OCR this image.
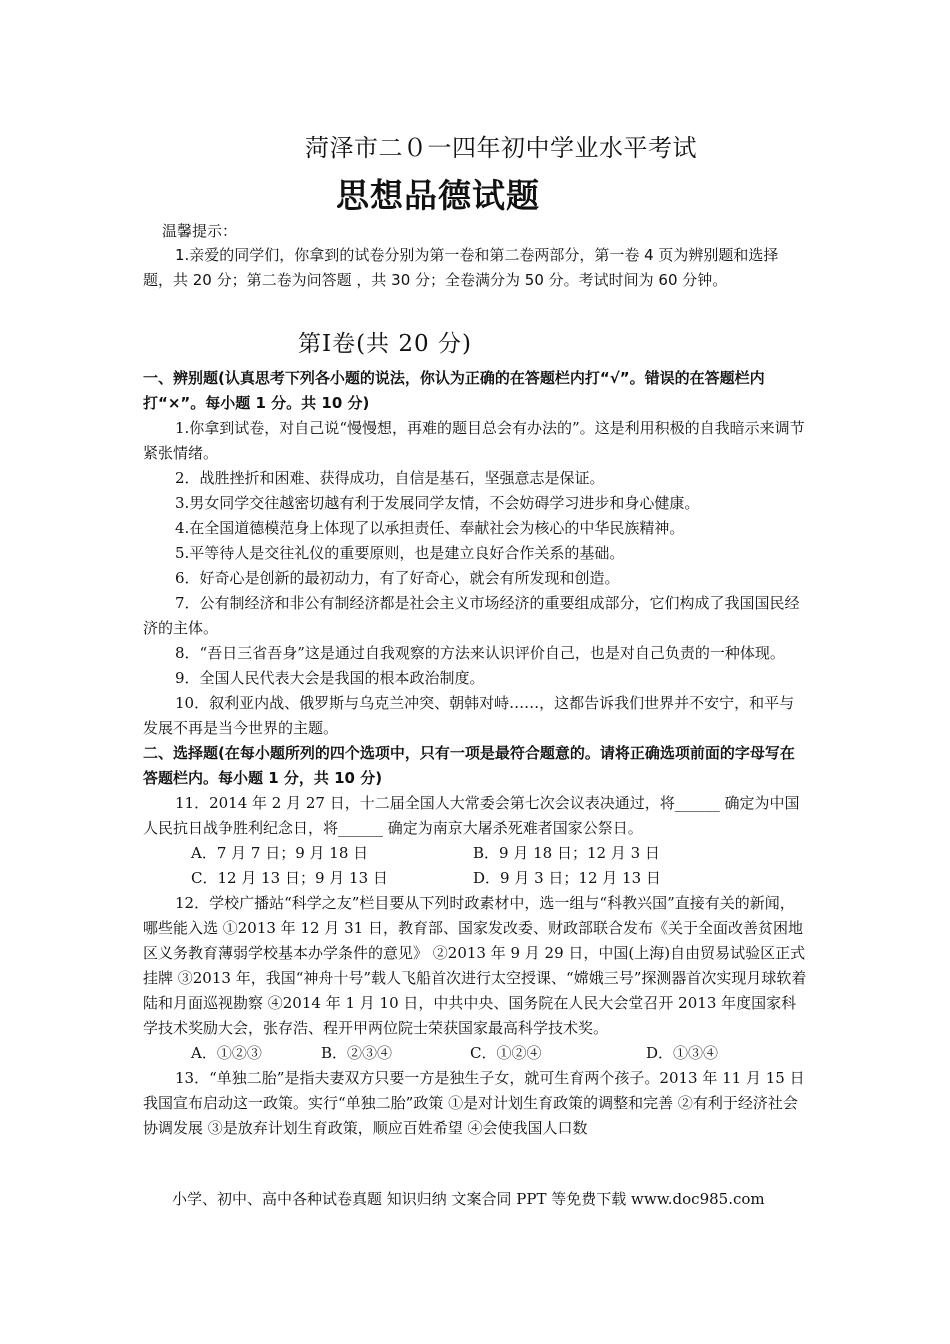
菏泽市二０一四年初中学业水平考试
思想品德试题
温馨提示：
1.亲爱的同学们，你拿到的试卷分别为第一卷和第二卷两部分，第一卷 4 页为辨别题和选择题，共 20 分；第二卷为问答题 ，共 30 分；全卷满分为 50 分。考试时间为 60 分钟。
第Ⅰ卷(共 20 分)

一、辨别题(认真思考下列各小题的说法，你认为正确的在答题栏内打“√”。错误的在答题栏内打“×”。每小题 1 分。共 10 分)

1.你拿到试卷，对自己说“慢慢想，再难的题目总会有办法的”。这是利用积极的自我暗示来调节紧张情绪。

2．战胜挫折和困难、获得成功，自信是基石，坚强意志是保证。

3.男女同学交往越密切越有利于发展同学友情，不会妨碍学习进步和身心健康。

4.在全国道德模范身上体现了以承担责任、奉献社会为核心的中华民族精神。

5.平等待人是交往礼仪的重要原则，也是建立良好合作关系的基础。

6．好奇心是创新的最初动力，有了好奇心，就会有所发现和创造。

7．公有制经济和非公有制经济都是社会主义市场经济的重要组成部分，它们构成了我国国民经济的主体。

8．“吾日三省吾身”这是通过自我观察的方法来认识评价自己，也是对自己负责的一种体现。

9．全国人民代表大会是我国的根本政治制度。

10．叙利亚内战、俄罗斯与乌克兰冲突、朝韩对峙……，这都告诉我们世界并不安宁，和平与发展不再是当今世界的主题。

二、选择题(在每小题所列的四个选项中，只有一项是最符合题意的。请将正确选项前面的字母写在答题栏内。每小题 1 分，共 10 分)

11．2014 年 2 月 27 日，十二届全国人大常委会第七次会议表决通过，将______ 确定为中国人民抗日战争胜利纪念日，将______ 确定为南京大屠杀死难者国家公祭日。

A．7 月 7 日；9 月 18 日	B．9 月 18 日；12 月 3 日
C．12 月 13 日；9 月 13 日	D．9 月 3 日；12 月 13 日

12．学校广播站“科学之友”栏目要从下列时政素材中，选一组与“科教兴国”直接有关的新闻，哪些能入选 ①2013 年 12 月 31 日，教育部、国家发改委、财政部联合发布《关于全面改善贫困地区义务教育薄弱学校基本办学条件的意见》 ②2013 年 9 月 29 日，中国(上海)自由贸易试验区正式挂牌 ③2013 年，我国“神舟十号”载人飞船首次进行太空授课、“嫦娥三号”探测器首次实现月球软着陆和月面巡视勘察 ④2014 年 1 月 10 日，中共中央、国务院在人民大会堂召开 2013 年度国家科学技术奖励大会，张存浩、程开甲两位院士荣获国家最高科学技术奖。

A．①②③	B．②③④	C．①②④	D．①③④

13．“单独二胎”是指夫妻双方只要一方是独生子女，就可生育两个孩子。2013 年 11 月 15 日我国宣布启动这一政策。实行“单独二胎”政策 ①是对计划生育政策的调整和完善 ②有利于经济社会协调发展 ③是放弃计划生育政策，顺应百姓希望 ④会使我国人口数

小学、初中、高中各种试卷真题 知识归纳 文案合同 PPT 等免费下载 www.doc985.com
